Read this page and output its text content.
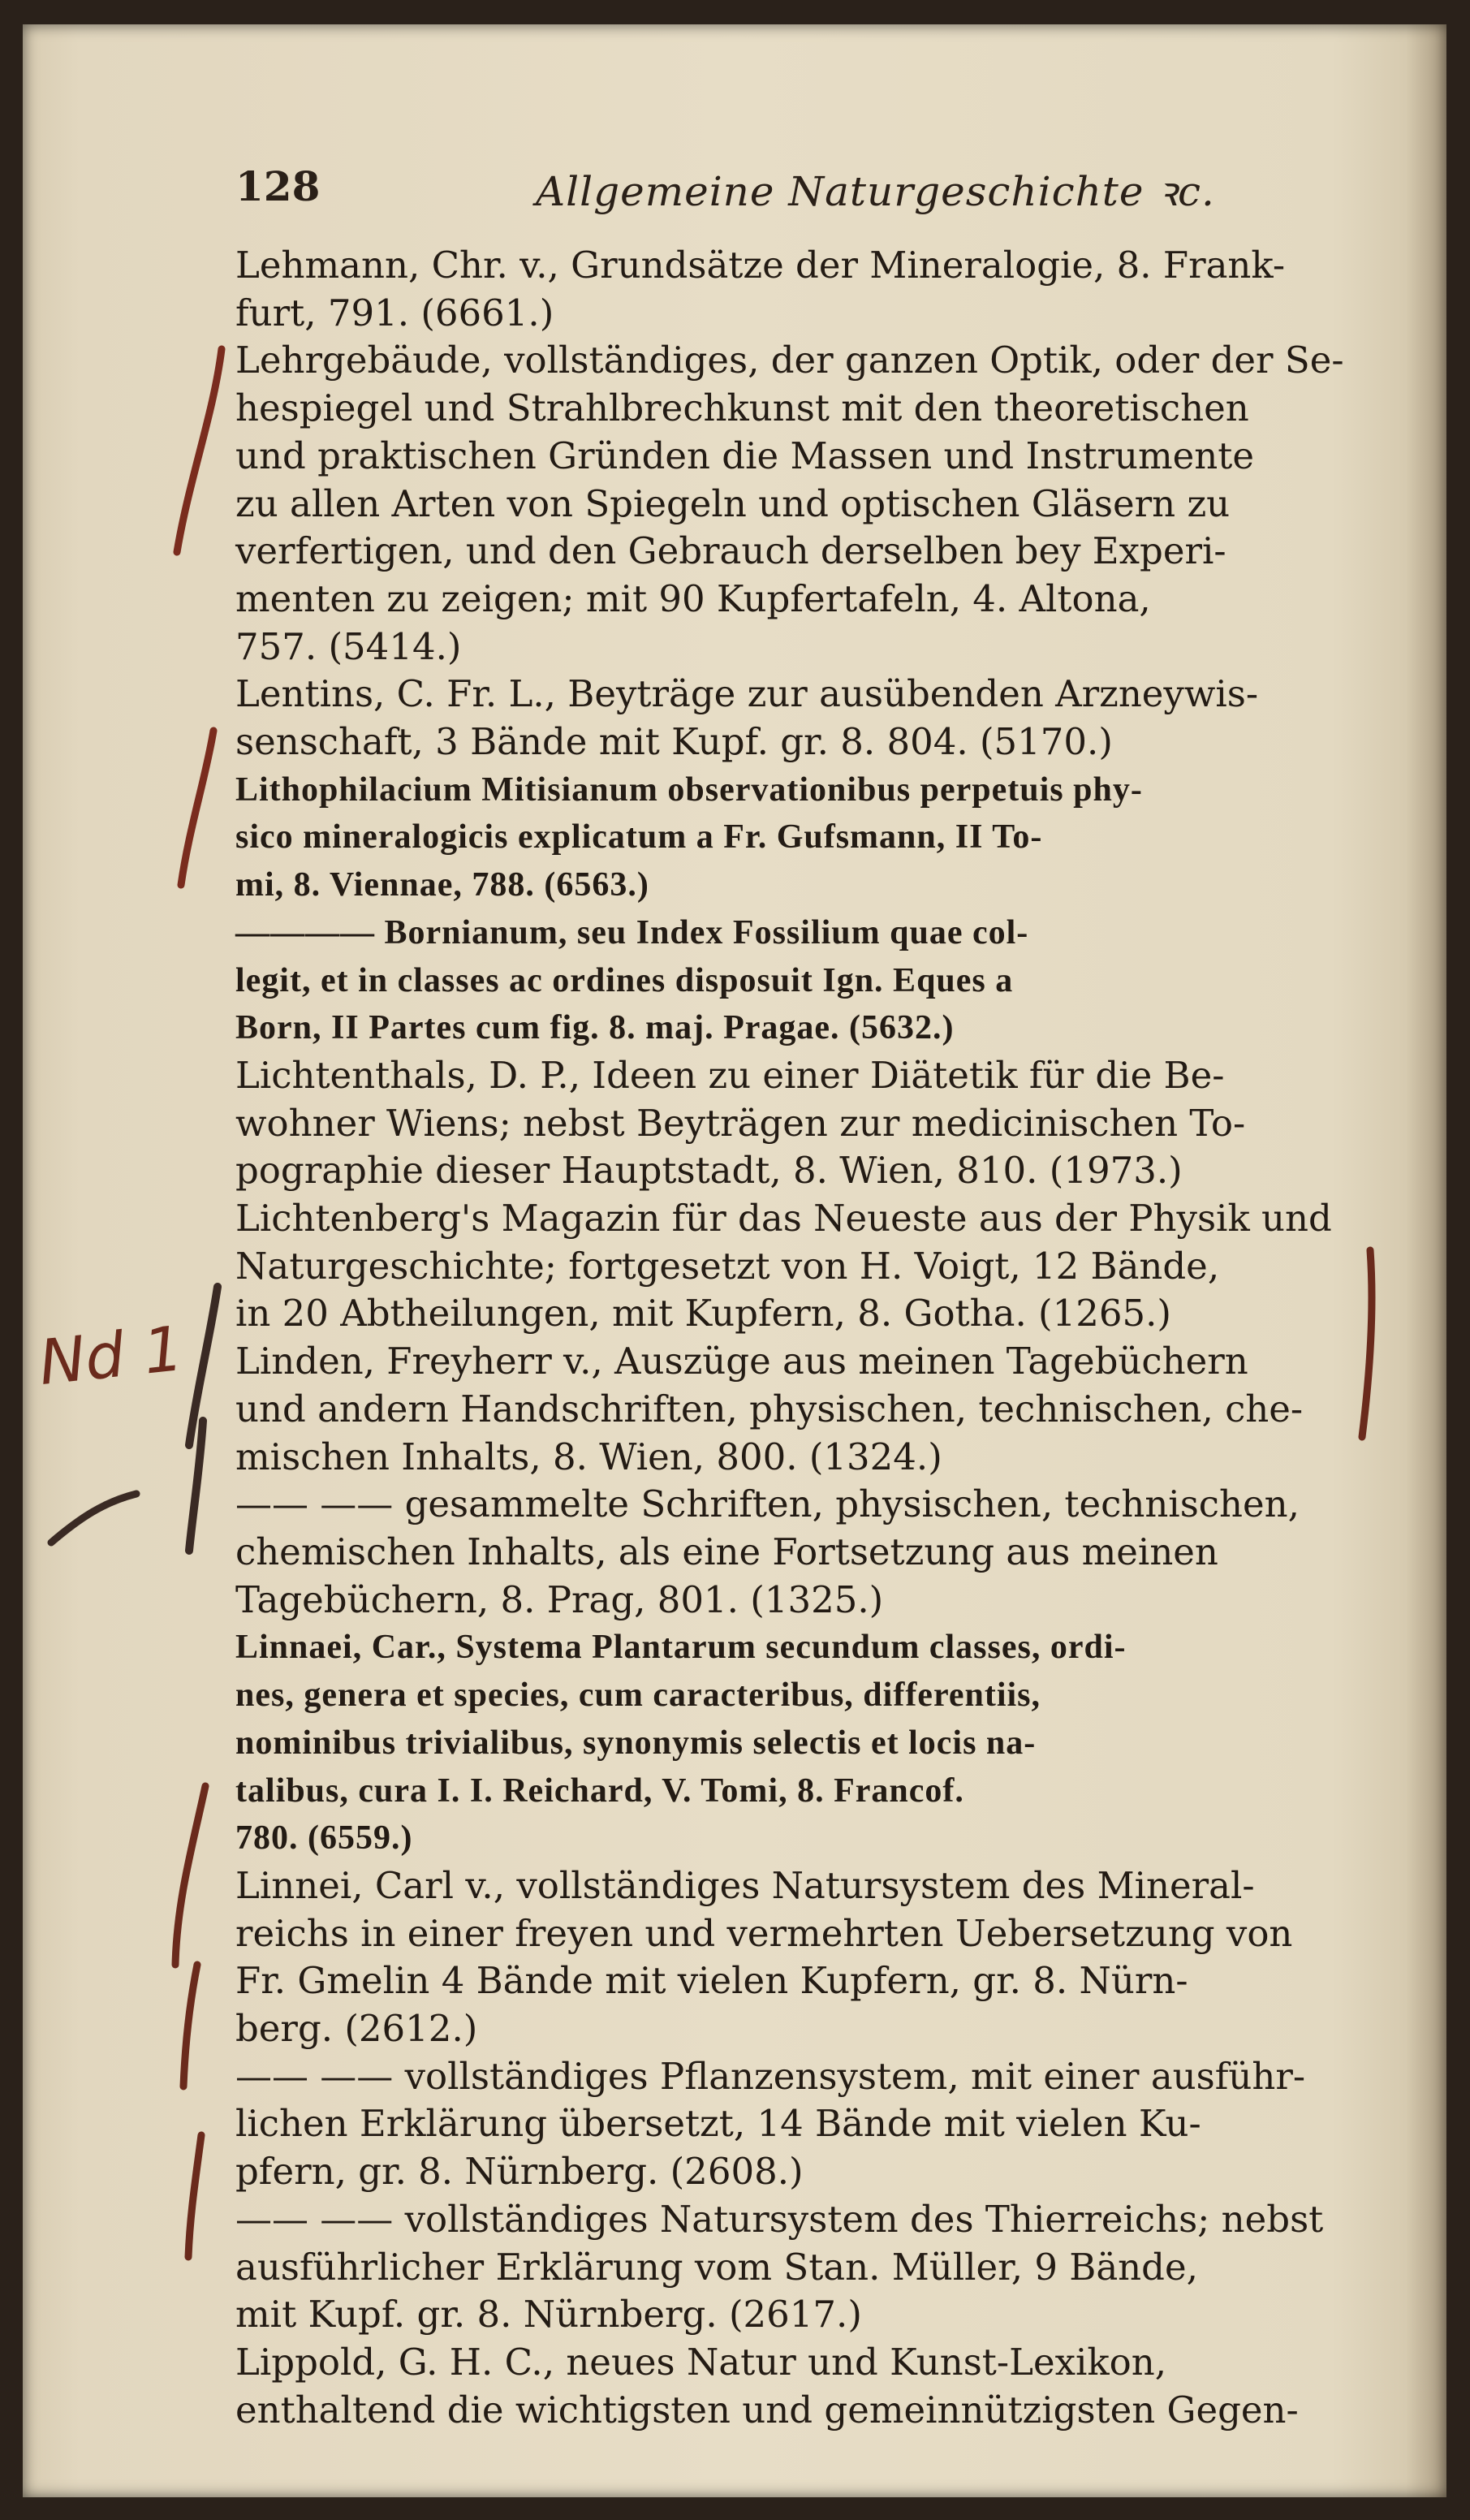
128	Allgemeine Naturgeschichte ꝛc.
Nd 1
Lehmann, Chr. v., Grundsätze der Mineralogie, 8. Frank-
furt, 791. (6661.)
Lehrgebäude, vollständiges, der ganzen Optik, oder der Se-
hespiegel und Strahlbrechkunst mit den theoretischen
und praktischen Gründen die Massen und Instrumente
zu allen Arten von Spiegeln und optischen Gläsern zu
verfertigen, und den Gebrauch derselben bey Experi-
menten zu zeigen; mit 90 Kupfertafeln, 4. Altona,
757. (5414.)
Lentins, C. Fr. L., Beyträge zur ausübenden Arzneywis-
senschaft, 3 Bände mit Kupf. gr. 8. 804. (5170.)
Lithophilacium Mitisianum observationibus perpetuis phy-
sico mineralogicis explicatum a Fr. Gufsmann, II To-
mi, 8. Viennae, 788. (6563.)
———— Bornianum, seu Index Fossilium quae col-
legit, et in classes ac ordines disposuit Ign. Eques a
Born, II Partes cum fig. 8. maj. Pragae. (5632.)
Lichtenthals, D. P., Ideen zu einer Diätetik für die Be-
wohner Wiens; nebst Beyträgen zur medicinischen To-
pographie dieser Hauptstadt, 8. Wien, 810. (1973.)
Lichtenberg's Magazin für das Neueste aus der Physik und
Naturgeschichte; fortgesetzt von H. Voigt, 12 Bände,
in 20 Abtheilungen, mit Kupfern, 8. Gotha. (1265.)
Linden, Freyherr v., Auszüge aus meinen Tagebüchern
und andern Handschriften, physischen, technischen, che-
mischen Inhalts, 8. Wien, 800. (1324.)
—— —— gesammelte Schriften, physischen, technischen,
chemischen Inhalts, als eine Fortsetzung aus meinen
Tagebüchern, 8. Prag, 801. (1325.)
Linnaei, Car., Systema Plantarum secundum classes, ordi-
nes, genera et species, cum caracteribus, differentiis,
nominibus trivialibus, synonymis selectis et locis na-
talibus, cura I. I. Reichard, V. Tomi, 8. Francof.
780. (6559.)
Linnei, Carl v., vollständiges Natursystem des Mineral-
reichs in einer freyen und vermehrten Uebersetzung von
Fr. Gmelin 4 Bände mit vielen Kupfern, gr. 8. Nürn-
berg. (2612.)
—— —— vollständiges Pflanzensystem, mit einer ausführ-
lichen Erklärung übersetzt, 14 Bände mit vielen Ku-
pfern, gr. 8. Nürnberg. (2608.)
—— —— vollständiges Natursystem des Thierreichs; nebst
ausführlicher Erklärung vom Stan. Müller, 9 Bände,
mit Kupf. gr. 8. Nürnberg. (2617.)
Lippold, G. H. C., neues Natur und Kunst-Lexikon,
enthaltend die wichtigsten und gemeinnützigsten Gegen-
